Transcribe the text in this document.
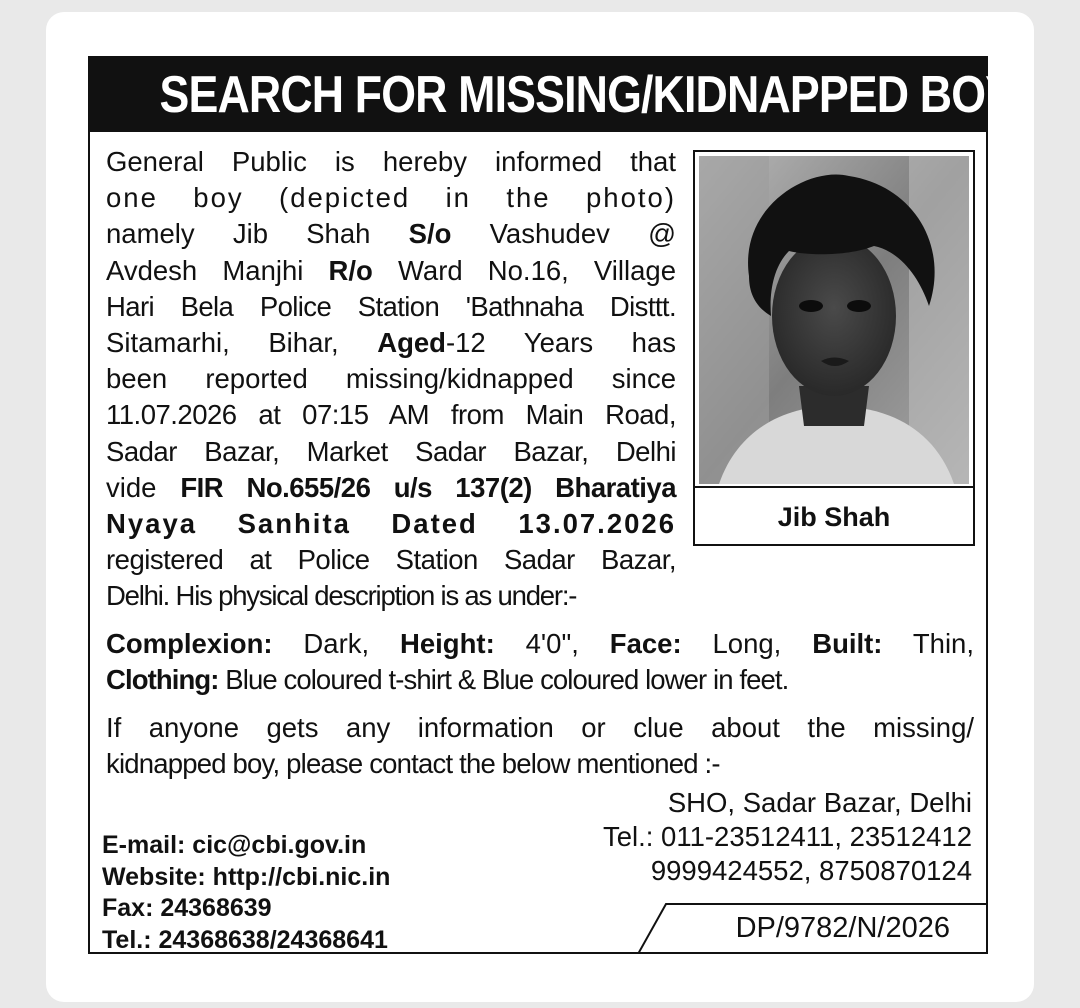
SEARCH FOR MISSING/KIDNAPPED BOY
General Public is hereby informed that
one boy (depicted in the photo)
namely Jib Shah S/o Vashudev @
Avdesh Manjhi R/o Ward No.16, Village
Hari Bela Police Station 'Bathnaha Disttt.
Sitamarhi, Bihar, Aged-12 Years has
been reported missing/kidnapped since
11.07.2026 at 07:15 AM from Main Road,
Sadar Bazar, Market Sadar Bazar, Delhi
vide FIR No.655/26 u/s 137(2) Bharatiya
Nyaya Sanhita Dated 13.07.2026
registered at Police Station Sadar Bazar,
Delhi. His physical description is as under:-
Jib Shah
Complexion: Dark, Height: 4'0", Face: Long, Built: Thin,
Clothing: Blue coloured t-shirt & Blue coloured lower in feet.
If anyone gets any information or clue about the missing/
kidnapped boy, please contact the below mentioned :-
SHO, Sadar Bazar, Delhi
Tel.: 011-23512411, 23512412
9999424552, 8750870124
E-mail: cic@cbi.gov.in
Website: http://cbi.nic.in
Fax: 24368639
Tel.: 24368638/24368641	DP/9782/N/2026
